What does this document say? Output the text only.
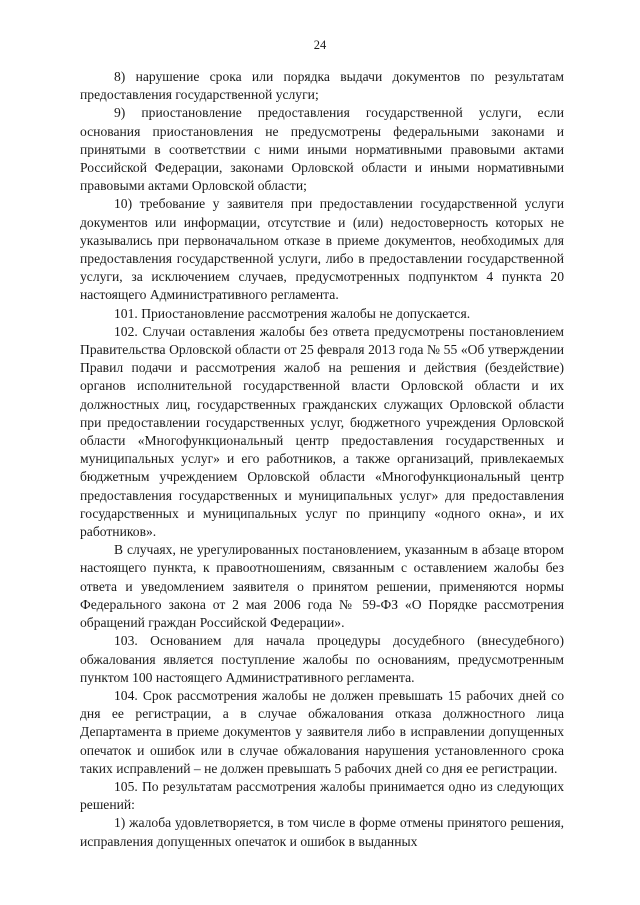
24

8) нарушение срока или порядка выдачи документов по результатам предоставления государственной услуги;

9) приостановление предоставления государственной услуги, если основания приостановления не предусмотрены федеральными законами и принятыми в соответствии с ними иными нормативными правовыми актами Российской Федерации, законами Орловской области и иными нормативными правовыми актами Орловской области;

10) требование у заявителя при предоставлении государственной услуги документов или информации, отсутствие и (или) недостоверность которых не указывались при первоначальном отказе в приеме документов, необходимых для предоставления государственной услуги, либо в предоставлении государственной услуги, за исключением случаев, предусмотренных подпунктом 4 пункта 20 настоящего Административного регламента.

101. Приостановление рассмотрения жалобы не допускается.

102. Случаи оставления жалобы без ответа предусмотрены постановлением Правительства Орловской области от 25 февраля 2013 года № 55 «Об утверждении Правил подачи и рассмотрения жалоб на решения и действия (бездействие) органов исполнительной государственной власти Орловской области и их должностных лиц, государственных гражданских служащих Орловской области при предоставлении государственных услуг, бюджетного учреждения Орловской области «Многофункциональный центр предоставления государственных и муниципальных услуг» и его работников, а также организаций, привлекаемых бюджетным учреждением Орловской области «Многофункциональный центр предоставления государственных и муниципальных услуг» для предоставления государственных и муниципальных услуг по принципу «одного окна», и их работников».

В случаях, не урегулированных постановлением, указанным в абзаце втором настоящего пункта, к правоотношениям, связанным с оставлением жалобы без ответа и уведомлением заявителя о принятом решении, применяются нормы Федерального закона от 2 мая 2006 года № 59-ФЗ «О Порядке рассмотрения обращений граждан Российской Федерации».

103. Основанием для начала процедуры досудебного (внесудебного) обжалования является поступление жалобы по основаниям, предусмотренным пунктом 100 настоящего Административного регламента.

104. Срок рассмотрения жалобы не должен превышать 15 рабочих дней со дня ее регистрации, а в случае обжалования отказа должностного лица Департамента в приеме документов у заявителя либо в исправлении допущенных опечаток и ошибок или в случае обжалования нарушения установленного срока таких исправлений – не должен превышать 5 рабочих дней со дня ее регистрации.

105. По результатам рассмотрения жалобы принимается одно из следующих решений:

1) жалоба удовлетворяется, в том числе в форме отмены принятого решения, исправления допущенных опечаток и ошибок в выданных
